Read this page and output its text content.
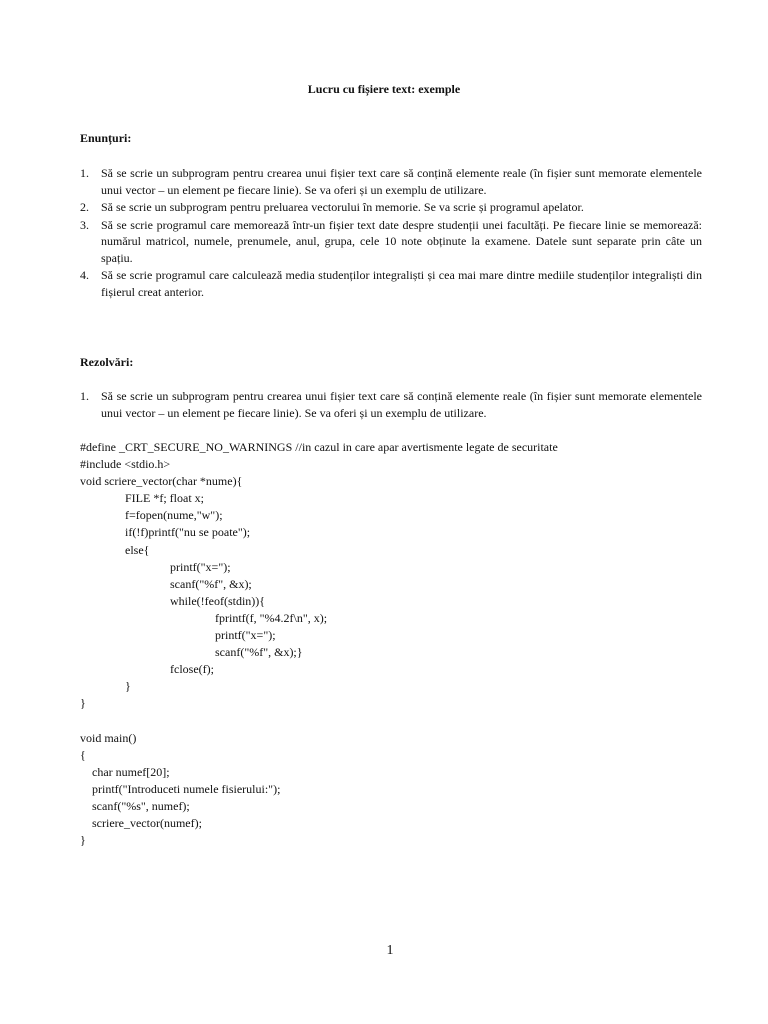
Lucru cu fișiere text: exemple
Enunțuri:
1. Să se scrie un subprogram pentru crearea unui fișier text care să conțină elemente reale (în fișier sunt memorate elementele unui vector – un element pe fiecare linie). Se va oferi și un exemplu de utilizare.
2. Să se scrie un subprogram pentru preluarea vectorului în memorie. Se va scrie și programul apelator.
3. Să se scrie programul care memorează într-un fișier text date despre studenții unei facultăți. Pe fiecare linie se memorează: numărul matricol, numele, prenumele, anul, grupa, cele 10 note obținute la examene. Datele sunt separate prin câte un spațiu.
4. Să se scrie programul care calculează media studenților integraliști și cea mai mare dintre mediile studenților integraliști din fișierul creat anterior.
Rezolvări:
1. Să se scrie un subprogram pentru crearea unui fișier text care să conțină elemente reale (în fișier sunt memorate elementele unui vector – un element pe fiecare linie). Se va oferi și un exemplu de utilizare.
#define _CRT_SECURE_NO_WARNINGS //in cazul in care apar avertismente legate de securitate
#include <stdio.h>
void scriere_vector(char *nume){
FILE *f; float x;
f=fopen(nume,"w");
if(!f)printf("nu se poate");
else{
printf("x=");
scanf("%f", &x);
while(!feof(stdin)){
fprintf(f, "%4.2f\n", x);
printf("x=");
scanf("%f", &x);}
fclose(f);
}
}
void main()
{
char numef[20];
printf("Introduceti numele fisierului:");
scanf("%s", numef);
scriere_vector(numef);
}
1
